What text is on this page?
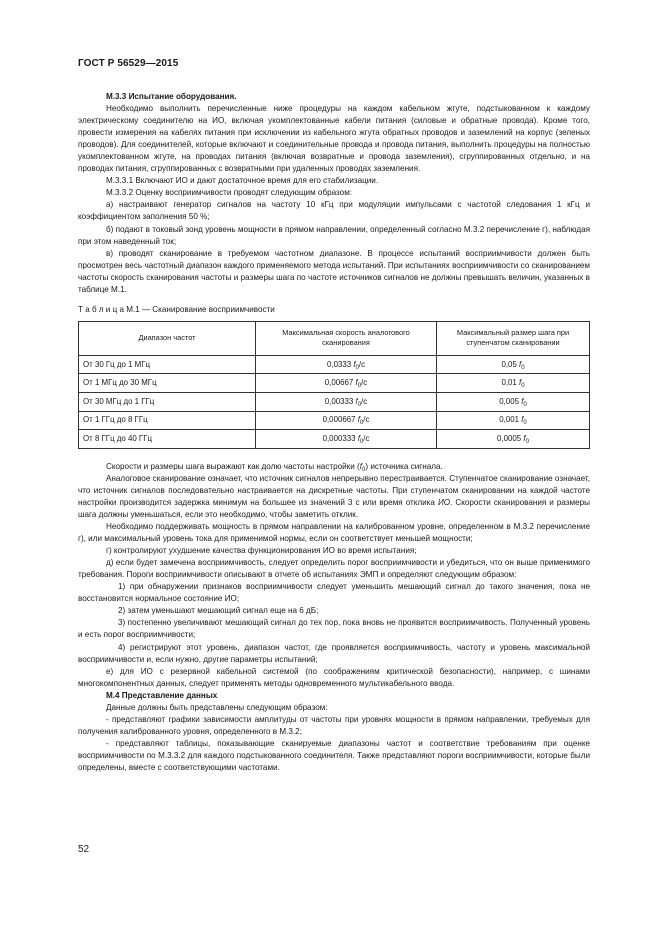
ГОСТ Р 56529—2015

М.3.3 Испытание оборудования.

Необходимо выполнить перечисленные ниже процедуры на каждом кабельном жгуте, подстыкованном к каждому электрическому соединителю на ИО, включая укомплектованные кабели питания (силовые и обратные провода). Кроме того, провести измерения на кабелях питания при исключении из кабельного жгута обратных проводов и заземлений на корпус (зеленых проводов). Для соединителей, которые включают и соединительные провода и провода питания, выполнить процедуры на полностью укомплектованном жгуте, на проводах питания (включая возвратные и провода заземления), сгруппированных отдельно, и на проводах питания, сгруппированных с возвратными при удаленных проводах заземления.

М.3.3.1 Включают ИО и дают достаточное время для его стабилизации.

М.3.3.2 Оценку восприимчивости проводят следующим образом:

а) настраивают генератор сигналов на частоту 10 кГц при модуляции импульсами с частотой следования 1 кГц и коэффициентом заполнения 50 %;

б) подают в токовый зонд уровень мощности в прямом направлении, определенный согласно М.3.2 перечисление г), наблюдая при этом наведенный ток;

в) проводят сканирование в требуемом частотном диапазоне. В процессе испытаний восприимчивости должен быть просмотрен весь частотный диапазон каждого применяемого метода испытаний. При испытаниях восприимчивости со сканированием частоты скорость сканирования частоты и размеры шага по частоте источников сигналов не должны превышать величин, указанных в таблице М.1.

Т а б л и ц а М.1 — Сканирование восприимчивости

Диапазон частот	Максимальная скорость аналогового сканирования	Максимальный размер шага при ступенчатом сканировании
От 30 Гц до 1 МГц	0,0333 $f_0/с$	0,05 $f_0$
От 1 МГц до 30 МГц	0,00667 $f_0/с$	0,01 $f_0$
От 30 МГц до 1 ГГц	0,00333 $f_0/с$	0,005 $f_0$
От 1 ГГц до 8 ГГц	0,000667 $f_0/с$	0,001 $f_0$
От 8 ГГц до 40 ГГц	0,000333 $f_0/с$	0,0005 $f_0$

Скорости и размеры шага выражают как долю частоты настройки $(f_0)$ источника сигнала.

Аналоговое сканирование означает, что источник сигналов непрерывно перестраивается. Ступенчатое сканирование означает, что источник сигналов последовательно настраивается на дискретные частоты. При ступенчатом сканировании на каждой частоте настройки производится задержка минимум на большее из значений 3 с или время отклика ИО. Скорости сканирования и размеры шага должны уменьшаться, если это необходимо, чтобы заметить отклик.

Необходимо поддерживать мощность в прямом направлении на калиброванном уровне, определенном в М.3.2 перечисление г), или максимальный уровень тока для применимой нормы, если он соответствует меньшей мощности;

г) контролируют ухудшение качества функционирования ИО во время испытания;

д) если будет замечена восприимчивость, следует определить порог восприимчивости и убедиться, что он выше применимого требования. Пороги восприимчивости описывают в отчете об испытаниях ЭМП и определяют следующим образом:

1) при обнаружении признаков восприимчивости следует уменьшить мешающий сигнал до такого значения, пока не восстановится нормальное состояние ИО;

2) затем уменьшают мешающий сигнал еще на 6 дБ;

3) постепенно увеличивают мешающий сигнал до тех пор, пока вновь не проявится восприимчивость. Полученный уровень и есть порог восприимчивости;

4) регистрируют этот уровень, диапазон частот, где проявляется восприимчивость, частоту и уровень максимальной восприимчивости и, если нужно, другие параметры испытаний;

е) для ИО с резервной кабельной системой (по соображениям критической безопасности), например, с шинами многокомпонентных данных, следует применять методы одновременного мультикабельного ввода.

М.4 Представление данных

Данные должны быть представлены следующим образом:

- представляют графики зависимости амплитуды от частоты при уровнях мощности в прямом направлении, требуемых для получения калиброванного уровня, определенного в М.3.2;

- представляют таблицы, показывающие сканируемые диапазоны частот и соответствие требованиям при оценке восприимчивости по М.3.3.2 для каждого подстыкованного соединителя. Также представляют пороги восприимчивости, которые были определены, вместе с соответствующими частотами.

52
